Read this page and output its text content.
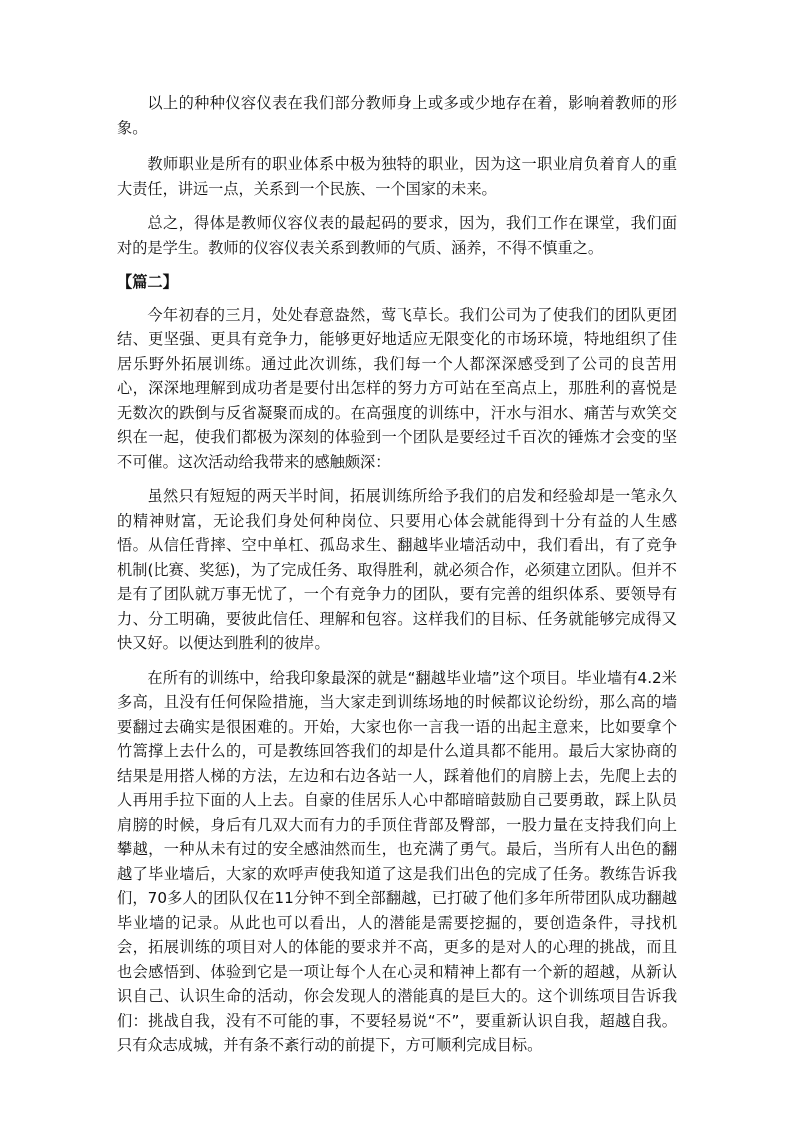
以上的种种仪容仪表在我们部分教师身上或多或少地存在着，影响着教师的形象。

教师职业是所有的职业体系中极为独特的职业，因为这一职业肩负着育人的重大责任，讲远一点，关系到一个民族、一个国家的未来。

总之，得体是教师仪容仪表的最起码的要求，因为，我们工作在课堂，我们面对的是学生。教师的仪容仪表关系到教师的气质、涵养，不得不慎重之。

【篇二】

今年初春的三月，处处春意盎然，莺飞草长。我们公司为了使我们的团队更团结、更坚强、更具有竞争力，能够更好地适应无限变化的市场环境，特地组织了佳居乐野外拓展训练。通过此次训练，我们每一个人都深深感受到了公司的良苦用心，深深地理解到成功者是要付出怎样的努力方可站在至高点上，那胜利的喜悦是无数次的跌倒与反省凝聚而成的。在高强度的训练中，汗水与泪水、痛苦与欢笑交织在一起，使我们都极为深刻的体验到一个团队是要经过千百次的锤炼才会变的坚不可催。这次活动给我带来的感触颇深：

虽然只有短短的两天半时间，拓展训练所给予我们的启发和经验却是一笔永久的精神财富，无论我们身处何种岗位、只要用心体会就能得到十分有益的人生感悟。从信任背摔、空中单杠、孤岛求生、翻越毕业墙活动中，我们看出，有了竞争机制(比赛、奖惩)，为了完成任务、取得胜利，就必须合作，必须建立团队。但并不是有了团队就万事无忧了，一个有竞争力的团队，要有完善的组织体系、要领导有力、分工明确，要彼此信任、理解和包容。这样我们的目标、任务就能够完成得又快又好。以便达到胜利的彼岸。

在所有的训练中，给我印象最深的就是“翻越毕业墙”这个项目。毕业墙有4.2米多高，且没有任何保险措施，当大家走到训练场地的时候都议论纷纷，那么高的墙要翻过去确实是很困难的。开始，大家也你一言我一语的出起主意来，比如要拿个竹篙撑上去什么的，可是教练回答我们的却是什么道具都不能用。最后大家协商的结果是用搭人梯的方法，左边和右边各站一人，踩着他们的肩膀上去，先爬上去的人再用手拉下面的人上去。自豪的佳居乐人心中都暗暗鼓励自己要勇敢，踩上队员肩膀的时候，身后有几双大而有力的手顶住背部及臀部，一股力量在支持我们向上攀越，一种从未有过的安全感油然而生，也充满了勇气。最后，当所有人出色的翻越了毕业墙后，大家的欢呼声使我知道了这是我们出色的完成了任务。教练告诉我们，70多人的团队仅在11分钟不到全部翻越，已打破了他们多年所带团队成功翻越毕业墙的记录。从此也可以看出，人的潜能是需要挖掘的，要创造条件，寻找机会，拓展训练的项目对人的体能的要求并不高，更多的是对人的心理的挑战，而且也会感悟到、体验到它是一项让每个人在心灵和精神上都有一个新的超越，从新认识自己、认识生命的活动，你会发现人的潜能真的是巨大的。这个训练项目告诉我们：挑战自我，没有不可能的事，不要轻易说“不”，要重新认识自我，超越自我。只有众志成城，并有条不紊行动的前提下，方可顺利完成目标。
